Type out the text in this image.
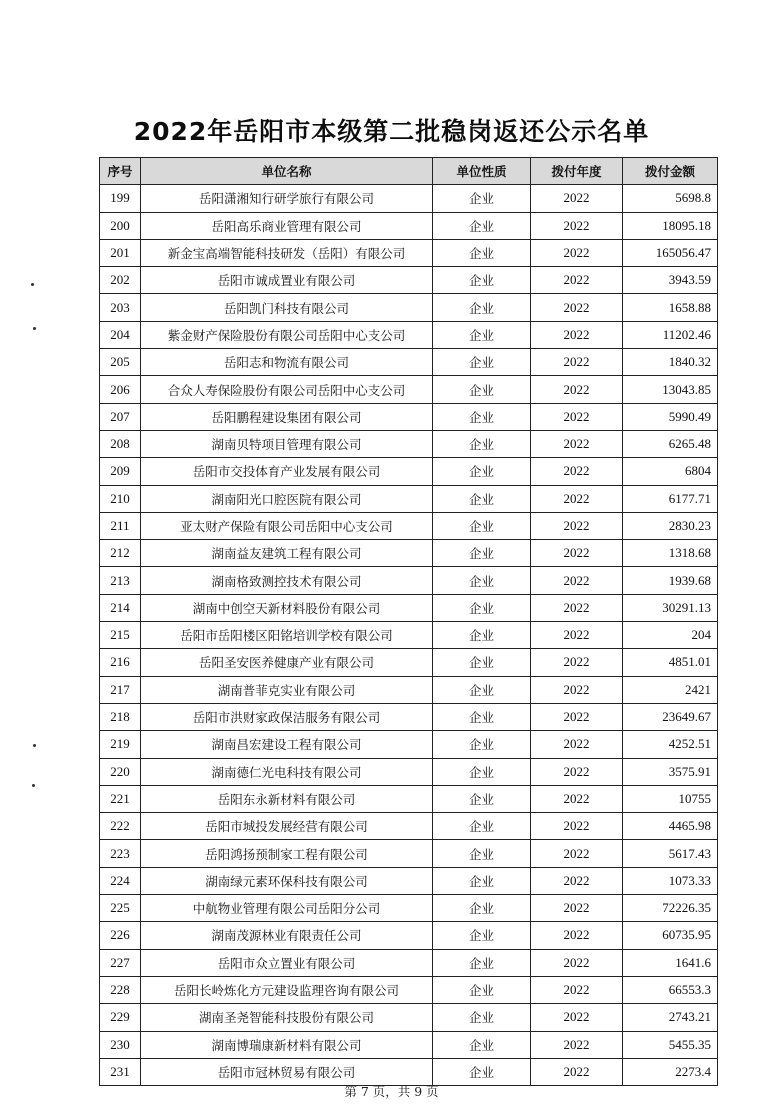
2022年岳阳市本级第二批稳岗返还公示名单
序号	单位名称	单位性质	拨付年度	拨付金额
199	岳阳潇湘知行研学旅行有限公司	企业	2022	5698.8
200	岳阳高乐商业管理有限公司	企业	2022	18095.18
201	新金宝高端智能科技研发（岳阳）有限公司	企业	2022	165056.47
202	岳阳市诚成置业有限公司	企业	2022	3943.59
203	岳阳凯门科技有限公司	企业	2022	1658.88
204	紫金财产保险股份有限公司岳阳中心支公司	企业	2022	11202.46
205	岳阳志和物流有限公司	企业	2022	1840.32
206	合众人寿保险股份有限公司岳阳中心支公司	企业	2022	13043.85
207	岳阳鹏程建设集团有限公司	企业	2022	5990.49
208	湖南贝特项目管理有限公司	企业	2022	6265.48
209	岳阳市交投体育产业发展有限公司	企业	2022	6804
210	湖南阳光口腔医院有限公司	企业	2022	6177.71
211	亚太财产保险有限公司岳阳中心支公司	企业	2022	2830.23
212	湖南益友建筑工程有限公司	企业	2022	1318.68
213	湖南格致测控技术有限公司	企业	2022	1939.68
214	湖南中创空天新材料股份有限公司	企业	2022	30291.13
215	岳阳市岳阳楼区阳铭培训学校有限公司	企业	2022	204
216	岳阳圣安医养健康产业有限公司	企业	2022	4851.01
217	湖南普菲克实业有限公司	企业	2022	2421
218	岳阳市洪财家政保洁服务有限公司	企业	2022	23649.67
219	湖南昌宏建设工程有限公司	企业	2022	4252.51
220	湖南德仁光电科技有限公司	企业	2022	3575.91
221	岳阳东永新材料有限公司	企业	2022	10755
222	岳阳市城投发展经营有限公司	企业	2022	4465.98
223	岳阳鸿扬预制家工程有限公司	企业	2022	5617.43
224	湖南绿元素环保科技有限公司	企业	2022	1073.33
225	中航物业管理有限公司岳阳分公司	企业	2022	72226.35
226	湖南茂源林业有限责任公司	企业	2022	60735.95
227	岳阳市众立置业有限公司	企业	2022	1641.6
228	岳阳长岭炼化方元建设监理咨询有限公司	企业	2022	66553.3
229	湖南圣尧智能科技股份有限公司	企业	2022	2743.21
230	湖南博瑞康新材料有限公司	企业	2022	5455.35
231	岳阳市冠林贸易有限公司	企业	2022	2273.4
第 7 页，共 9 页
